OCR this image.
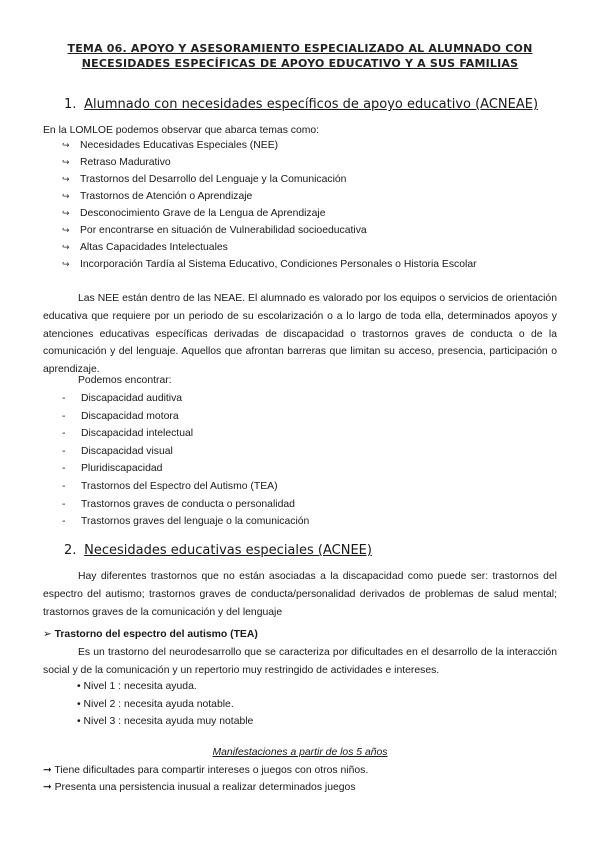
TEMA 06. APOYO Y ASESORAMIENTO ESPECIALIZADO AL ALUMNADO CON NECESIDADES ESPECÍFICAS DE APOYO EDUCATIVO Y A SUS FAMILIAS
1. Alumnado con necesidades específicos de apoyo educativo (ACNEAE)
En la LOMLOE podemos observar que abarca temas como:
↪ Necesidades Educativas Especiales (NEE)
↪ Retraso Madurativo
↪ Trastornos del Desarrollo del Lenguaje y la Comunicación
↪ Trastornos de Atención o Aprendizaje
↪ Desconocimiento Grave de la Lengua de Aprendizaje
↪ Por encontrarse en situación de Vulnerabilidad socioeducativa
↪ Altas Capacidades Intelectuales
↪ Incorporación Tardía al Sistema Educativo, Condiciones Personales o Historia Escolar
Las NEE están dentro de las NEAE. El alumnado es valorado por los equipos o servicios de orientación educativa que requiere por un periodo de su escolarización o a lo largo de toda ella, determinados apoyos y atenciones educativas específicas derivadas de discapacidad o trastornos graves de conducta o de la comunicación y del lenguaje. Aquellos que afrontan barreras que limitan su acceso, presencia, participación o aprendizaje.
Podemos encontrar:
- Discapacidad auditiva
- Discapacidad motora
- Discapacidad intelectual
- Discapacidad visual
- Pluridiscapacidad
- Trastornos del Espectro del Autismo (TEA)
- Trastornos graves de conducta o personalidad
- Trastornos graves del lenguaje o la comunicación
2. Necesidades educativas especiales (ACNEE)
Hay diferentes trastornos que no están asociadas a la discapacidad como puede ser: trastornos del espectro del autismo; trastornos graves de conducta/personalidad derivados de problemas de salud mental; trastornos graves de la comunicación y del lenguaje
➢ Trastorno del espectro del autismo (TEA)
Es un trastorno del neurodesarrollo que se caracteriza por dificultades en el desarrollo de la interacción social y de la comunicación y un repertorio muy restringido de actividades e intereses.
• Nivel 1 : necesita ayuda.
• Nivel 2 : necesita ayuda notable.
• Nivel 3 : necesita ayuda muy notable
Manifestaciones a partir de los 5 años
➞ Tiene dificultades para compartir intereses o juegos con otros niños.
➞ Presenta una persistencia inusual a realizar determinados juegos
